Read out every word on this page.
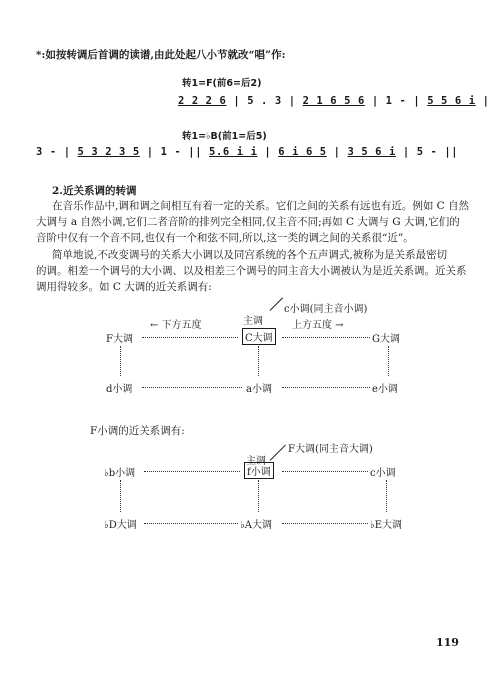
*:如按转调后首调的读谱,由此处起八小节就改“唱”作:
转1=F(前6=后2)
2 2 2 6 | 5 . 3 | 2 1 6 5 6 | 1 - | 5 5 6 i |
转1=♭B(前1=后5)
3 - | 5 3 2 3 5 | 1 - || 5.6 i i | 6 i 6 5 | 3 5 6 i | 5 - ||
2.近关系调的转调
在音乐作品中,调和调之间相互有着一定的关系。它们之间的关系有远也有近。例如 C 自然
大调与 a 自然小调,它们二者音阶的排列完全相同,仅主音不同;再如 C 大调与 G 大调,它们的
音阶中仅有一个音不同,也仅有一个和弦不同,所以,这一类的调之间的关系很“近”。
简单地说,不改变调号的关系大小调以及同宫系统的各个五声调式,被称为是关系最密切
的调。相差一个调号的大小调、以及相差三个调号的同主音大小调被认为是近关系调。近关系
调用得较多。如 C 大调的近关系调有:
c小调(同主音小调)
主调
← 下方五度	上方五度 →
F大调	C大调	G大调
d小调	a小调	e小调
F小调的近关系调有:
F大调(同主音大调)
主调
♭b小调	f小调	c小调
♭D大调	♭A大调	♭E大调
119
